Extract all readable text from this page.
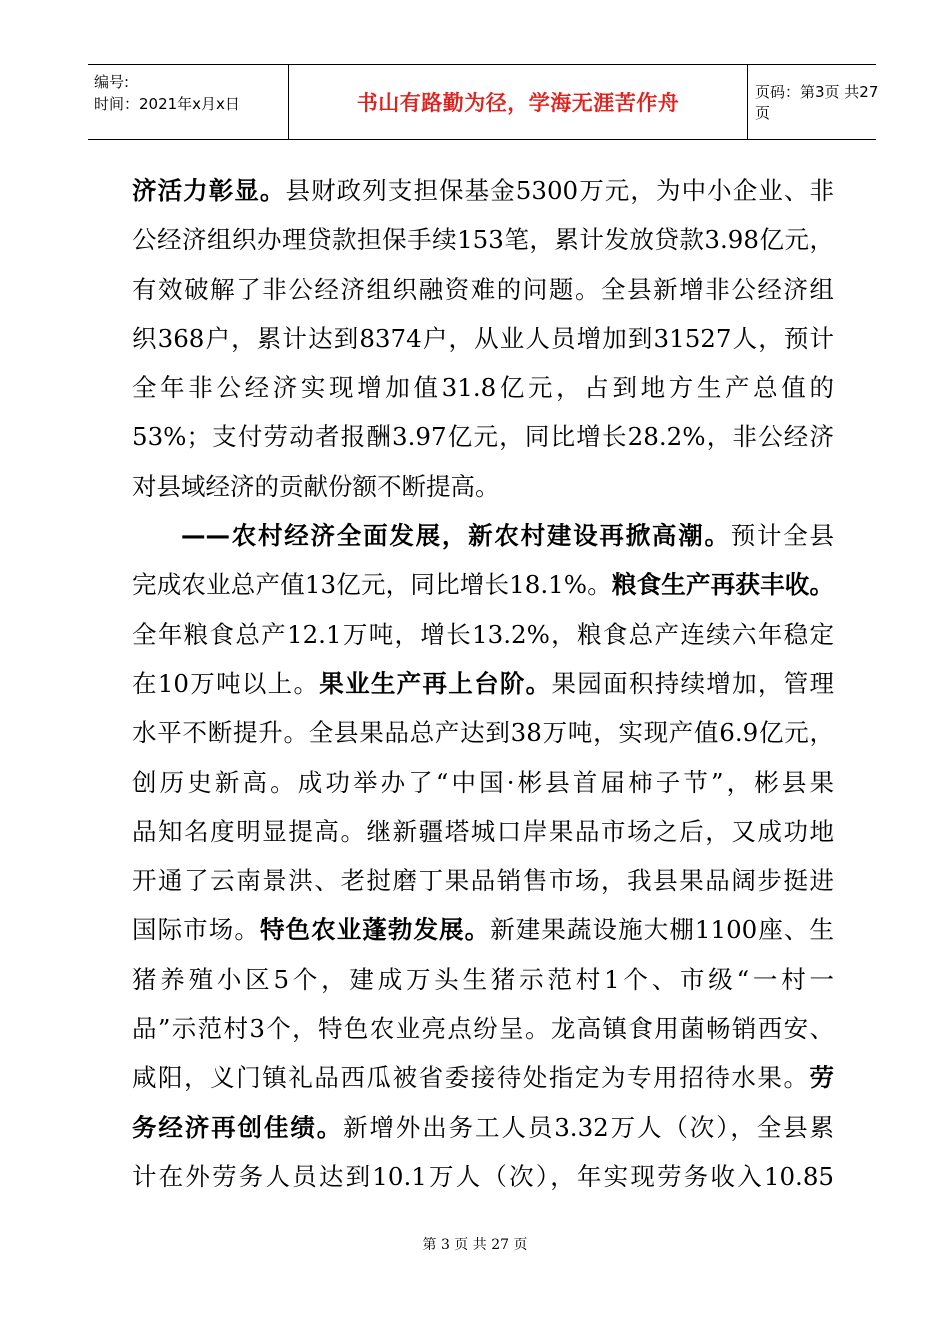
编号:
时间：2021年x月x日	书山有路勤为径，学海无涯苦作舟	页码：第3页 共27页
济活力彰显。县财政列支担保基金5300万元，为中小企业、非
公经济组织办理贷款担保手续153笔，累计发放贷款3.98亿元，
有效破解了非公经济组织融资难的问题。全县新增非公经济组
织368户，累计达到8374户，从业人员增加到31527人，预计
全年非公经济实现增加值31.8亿元，占到地方生产总值的
53%；支付劳动者报酬3.97亿元，同比增长28.2%，非公经济
对县域经济的贡献份额不断提高。
——农村经济全面发展，新农村建设再掀高潮。预计全县
完成农业总产值13亿元，同比增长18.1%。粮食生产再获丰收。
全年粮食总产12.1万吨，增长13.2%，粮食总产连续六年稳定
在10万吨以上。果业生产再上台阶。果园面积持续增加，管理
水平不断提升。全县果品总产达到38万吨，实现产值6.9亿元，
创历史新高。成功举办了“中国·彬县首届柿子节”，彬县果
品知名度明显提高。继新疆塔城口岸果品市场之后，又成功地
开通了云南景洪、老挝磨丁果品销售市场，我县果品阔步挺进
国际市场。特色农业蓬勃发展。新建果蔬设施大棚1100座、生
猪养殖小区5个，建成万头生猪示范村1个、市级“一村一
品”示范村3个，特色农业亮点纷呈。龙高镇食用菌畅销西安、
咸阳，义门镇礼品西瓜被省委接待处指定为专用招待水果。劳
务经济再创佳绩。新增外出务工人员3.32万人（次），全县累
计在外劳务人员达到10.1万人（次），年实现劳务收入10.85
第 3 页 共 27 页
